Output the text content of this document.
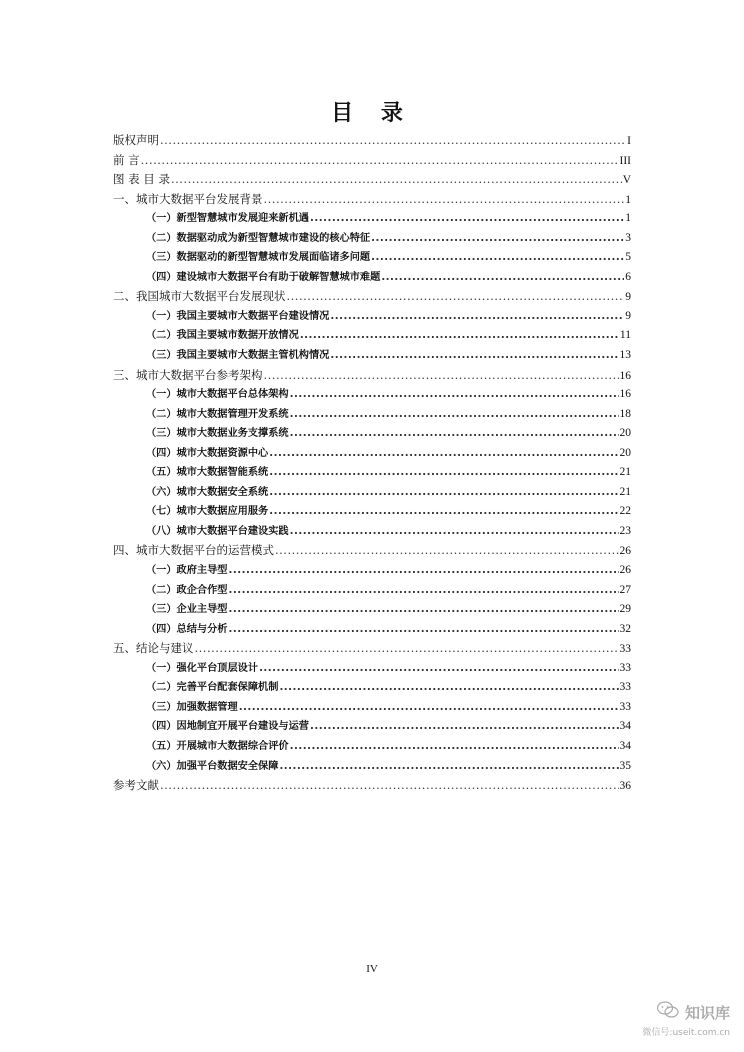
目 录
版权声明 .....	I
前 言 .....	III
图 表 目 录 .....	V
一、城市大数据平台发展背景 .....	1
（一）新型智慧城市发展迎来新机遇 .....	1
（二）数据驱动成为新型智慧城市建设的核心特征 .....	3
（三）数据驱动的新型智慧城市发展面临诸多问题 .....	5
（四）建设城市大数据平台有助于破解智慧城市难题 .....	6
二、我国城市大数据平台发展现状 .....	9
（一）我国主要城市大数据平台建设情况 .....	9
（二）我国主要城市数据开放情况 .....	11
（三）我国主要城市大数据主管机构情况 .....	13
三、城市大数据平台参考架构 .....	16
（一）城市大数据平台总体架构 .....	16
（二）城市大数据管理开发系统 .....	18
（三）城市大数据业务支撑系统 .....	20
（四）城市大数据资源中心 .....	20
（五）城市大数据智能系统 .....	21
（六）城市大数据安全系统 .....	21
（七）城市大数据应用服务 .....	22
（八）城市大数据平台建设实践 .....	23
四、城市大数据平台的运营模式 .....	26
（一）政府主导型 .....	26
（二）政企合作型 .....	27
（三）企业主导型 .....	29
（四）总结与分析 .....	32
五、结论与建议 .....	33
（一）强化平台顶层设计 .....	33
（二）完善平台配套保障机制 .....	33
（三）加强数据管理 .....	33
（四）因地制宜开展平台建设与运营 .....	34
（五）开展城市大数据综合评价 .....	34
（六）加强平台数据安全保障 .....	35
参考文献 .....	36
IV
知识库
微信号:useit.com.cn
